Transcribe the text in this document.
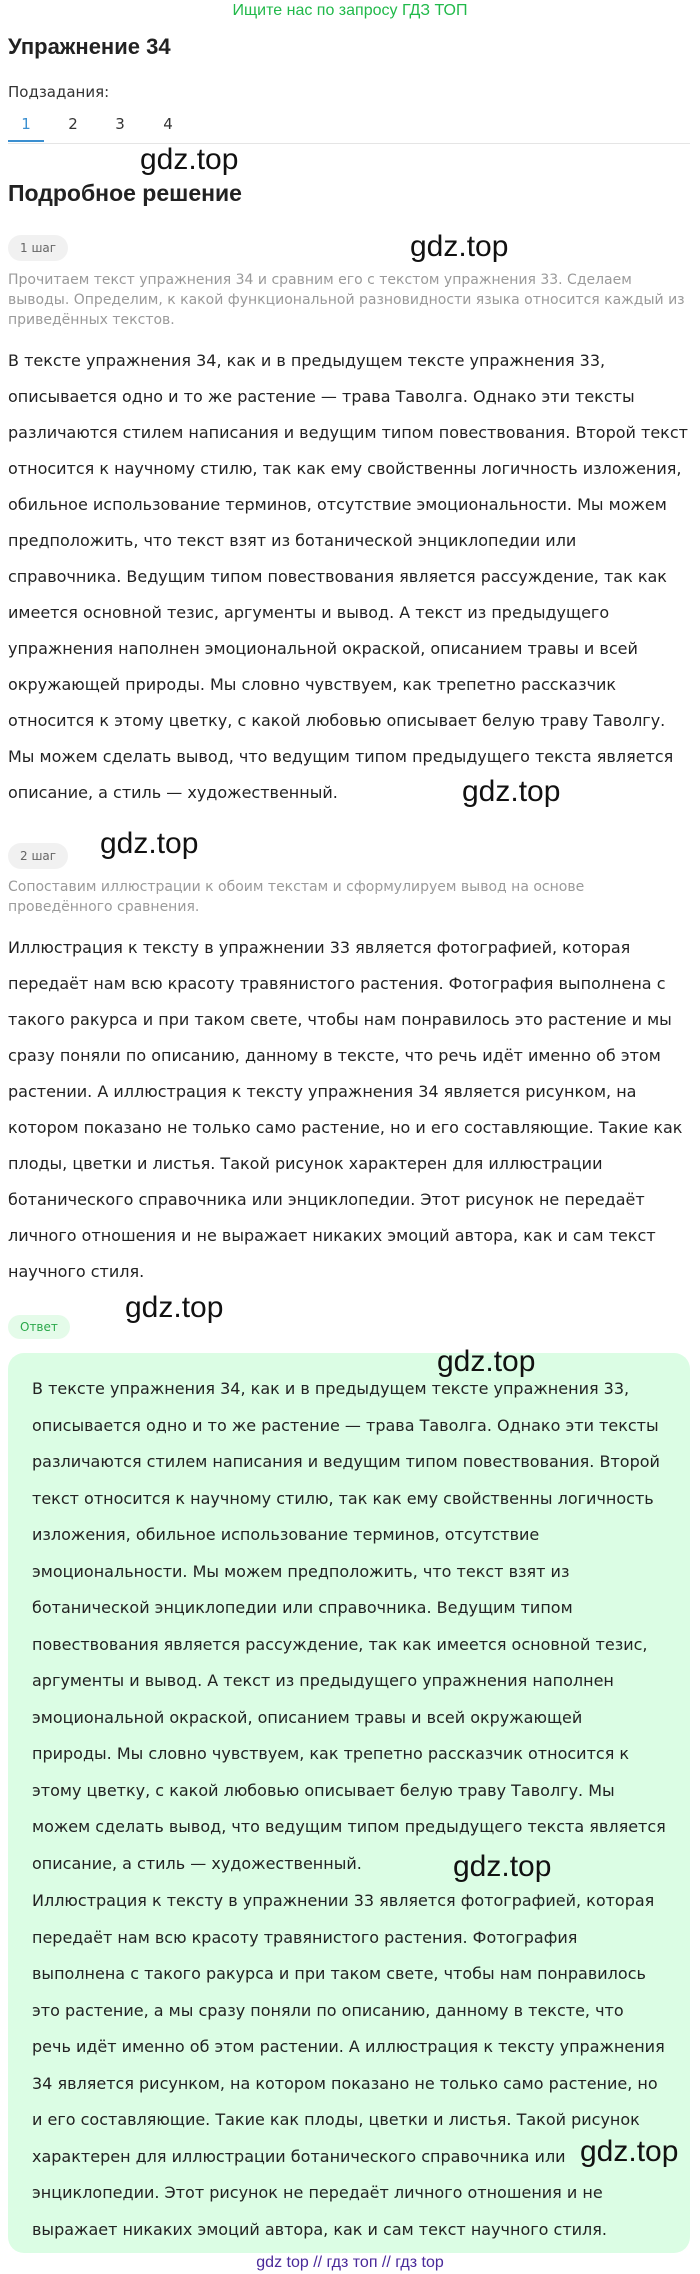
Ищите нас по запросу ГДЗ ТОП
Упражнение 34
Подзадания:
1	2	3	4
gdz.top
Подробное решение
gdz.top
1 шаг
Прочитаем текст упражнения 34 и сравним его с текстом упражнения 33. Сделаем выводы. Определим, к какой функциональной разновидности языка относится каждый из приведённых текстов.
В тексте упражнения 34, как и в предыдущем тексте упражнения 33, описывается одно и то же растение — трава Таволга. Однако эти тексты различаются стилем написания и ведущим типом повествования. Второй текст относится к научному стилю, так как ему свойственны логичность изложения, обильное использование терминов, отсутствие эмоциональности. Мы можем предположить, что текст взят из ботанической энциклопедии или справочника. Ведущим типом повествования является рассуждение, так как имеется основной тезис, аргументы и вывод. А текст из предыдущего упражнения наполнен эмоциональной окраской, описанием травы и всей окружающей природы. Мы словно чувствуем, как трепетно рассказчик относится к этому цветку, с какой любовью описывает белую траву Таволгу. Мы можем сделать вывод, что ведущим типом предыдущего текста является описание, а стиль — художественный.	gdz.top
2 шаг	gdz.top
Сопоставим иллюстрации к обоим текстам и сформулируем вывод на основе проведённого сравнения.
Иллюстрация к тексту в упражнении 33 является фотографией, которая передаёт нам всю красоту травянистого растения. Фотография выполнена с такого ракурса и при таком свете, чтобы нам понравилось это растение и мы сразу поняли по описанию, данному в тексте, что речь идёт именно об этом растении. А иллюстрация к тексту упражнения 34 является рисунком, на котором показано не только само растение, но и его составляющие. Такие как плоды, цветки и листья. Такой рисунок характерен для иллюстрации ботанического справочника или энциклопедии. Этот рисунок не передаёт личного отношения и не выражает никаких эмоций автора, как и сам текст научного стиля.
Ответ
gdz.top
gdz.top
В тексте упражнения 34, как и в предыдущем тексте упражнения 33, описывается одно и то же растение — трава Таволга. Однако эти тексты различаются стилем написания и ведущим типом повествования. Второй текст относится к научному стилю, так как ему свойственны логичность изложения, обильное использование терминов, отсутствие эмоциональности. Мы можем предположить, что текст взят из ботанической энциклопедии или справочника. Ведущим типом повествования является рассуждение, так как имеется основной тезис, аргументы и вывод. А текст из предыдущего упражнения наполнен эмоциональной окраской, описанием травы и всей окружающей природы. Мы словно чувствуем, как трепетно рассказчик относится к этому цветку, с какой любовью описывает белую траву Таволгу. Мы можем сделать вывод, что ведущим типом предыдущего текста является описание, а стиль — художественный.	gdz.top
Иллюстрация к тексту в упражнении 33 является фотографией, которая передаёт нам всю красоту травянистого растения. Фотография выполнена с такого ракурса и при таком свете, чтобы нам понравилось это растение, а мы сразу поняли по описанию, данному в тексте, что речь идёт именно об этом растении. А иллюстрация к тексту упражнения 34 является рисунком, на котором показано не только само растение, но и его составляющие. Такие как плоды, цветки и листья. Такой рисунок характерен для иллюстрации ботанического справочника или энциклопедии. Этот рисунок не передаёт личного отношения и не выражает никаких эмоций автора, как и сам текст научного стиля.
gdz.top
gdz top // гдз топ // гдз top
